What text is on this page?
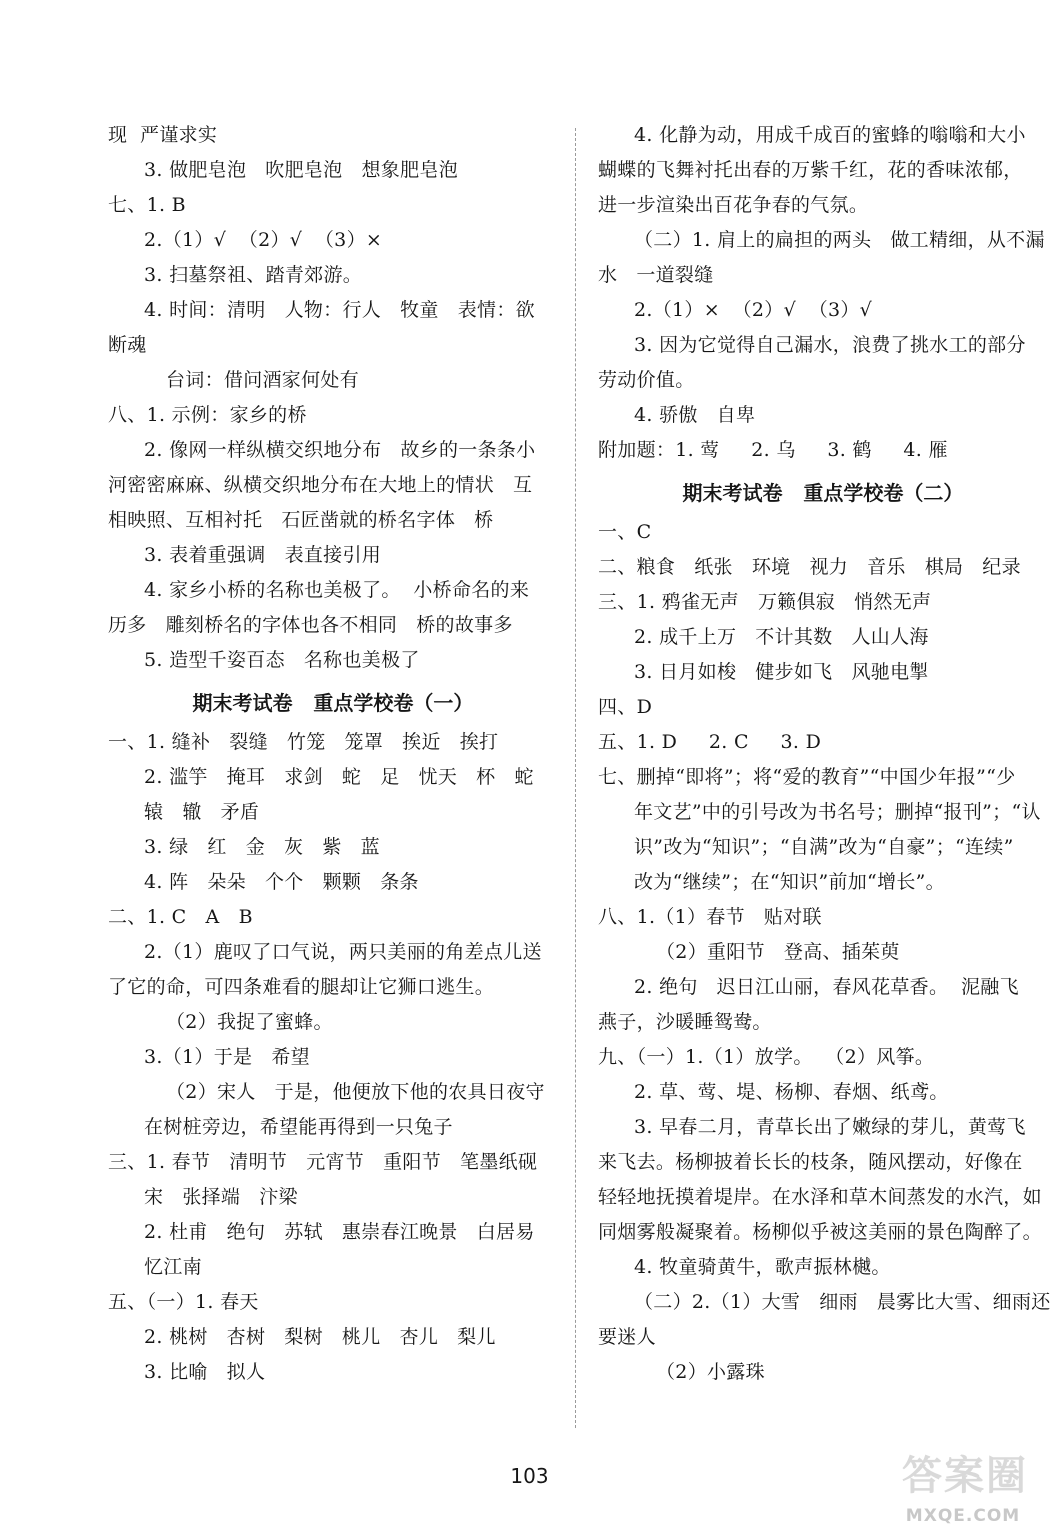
现  严谨求实
3. 做肥皂泡   吹肥皂泡   想象肥皂泡
七、1. B
2.（1）√  （2）√  （3）×
3. 扫墓祭祖、踏青郊游。
4. 时间：清明   人物：行人   牧童   表情：欲
断魂
台词：借问酒家何处有
八、1. 示例：家乡的桥
2. 像网一样纵横交织地分布   故乡的一条条小
河密密麻麻、纵横交织地分布在大地上的情状   互
相映照、互相衬托   石匠凿就的桥名字体   桥
3. 表着重强调   表直接引用
4. 家乡小桥的名称也美极了。  小桥命名的来
历多   雕刻桥名的字体也各不相同   桥的故事多
5. 造型千姿百态   名称也美极了
期末考试卷   重点学校卷（一）
一、1. 缝补   裂缝   竹笼   笼罩   挨近   挨打
2. 滥竽   掩耳   求剑   蛇   足   忧天   杯   蛇
辕   辙   矛盾
3. 绿   红   金   灰   紫   蓝
4. 阵   朵朵   个个   颗颗   条条
二、1. C   A   B
2.（1）鹿叹了口气说，两只美丽的角差点儿送
了它的命，可四条难看的腿却让它狮口逃生。
（2）我捉了蜜蜂。
3.（1）于是   希望
（2）宋人   于是，他便放下他的农具日夜守
在树桩旁边，希望能再得到一只兔子
三、1. 春节   清明节   元宵节   重阳节   笔墨纸砚
宋   张择端   汴梁
2. 杜甫   绝句   苏轼   惠崇春江晚景   白居易
忆江南
五、（一）1. 春天
2. 桃树   杏树   梨树   桃儿   杏儿   梨儿
3. 比喻   拟人
4. 化静为动，用成千成百的蜜蜂的嗡嗡和大小
蝴蝶的飞舞衬托出春的万紫千红，花的香味浓郁，
进一步渲染出百花争春的气氛。
（二）1. 肩上的扁担的两头   做工精细，从不漏
水   一道裂缝
2.（1）×  （2）√  （3）√
3. 因为它觉得自己漏水，浪费了挑水工的部分
劳动价值。
4. 骄傲   自卑
附加题：1. 莺     2. 乌     3. 鹤     4. 雁
期末考试卷   重点学校卷（二）
一、C
二、粮食   纸张   环境   视力   音乐   棋局   纪录
三、1. 鸦雀无声   万籁俱寂   悄然无声
2. 成千上万   不计其数   人山人海
3. 日月如梭   健步如飞   风驰电掣
四、D
五、1. D     2. C     3. D
七、删掉“即将”；将“爱的教育”“中国少年报”“少
年文艺”中的引号改为书名号；删掉“报刊”；“认
识”改为“知识”；“自满”改为“自豪”；“连续”
改为“继续”；在“知识”前加“增长”。
八、1.（1）春节   贴对联
（2）重阳节   登高、插茱萸
2. 绝句   迟日江山丽，春风花草香。  泥融飞
燕子，沙暖睡鸳鸯。
九、（一）1.（1）放学。  （2）风筝。
2. 草、莺、堤、杨柳、春烟、纸鸢。
3. 早春二月，青草长出了嫩绿的芽儿，黄莺飞
来飞去。杨柳披着长长的枝条，随风摆动，好像在
轻轻地抚摸着堤岸。在水泽和草木间蒸发的水汽，如
同烟雾般凝聚着。杨柳似乎被这美丽的景色陶醉了。
4. 牧童骑黄牛，歌声振林樾。
（二）2.（1）大雪   细雨   晨雾比大雪、细雨还
要迷人
（2）小露珠
103	答案圈
MXQE.COM
